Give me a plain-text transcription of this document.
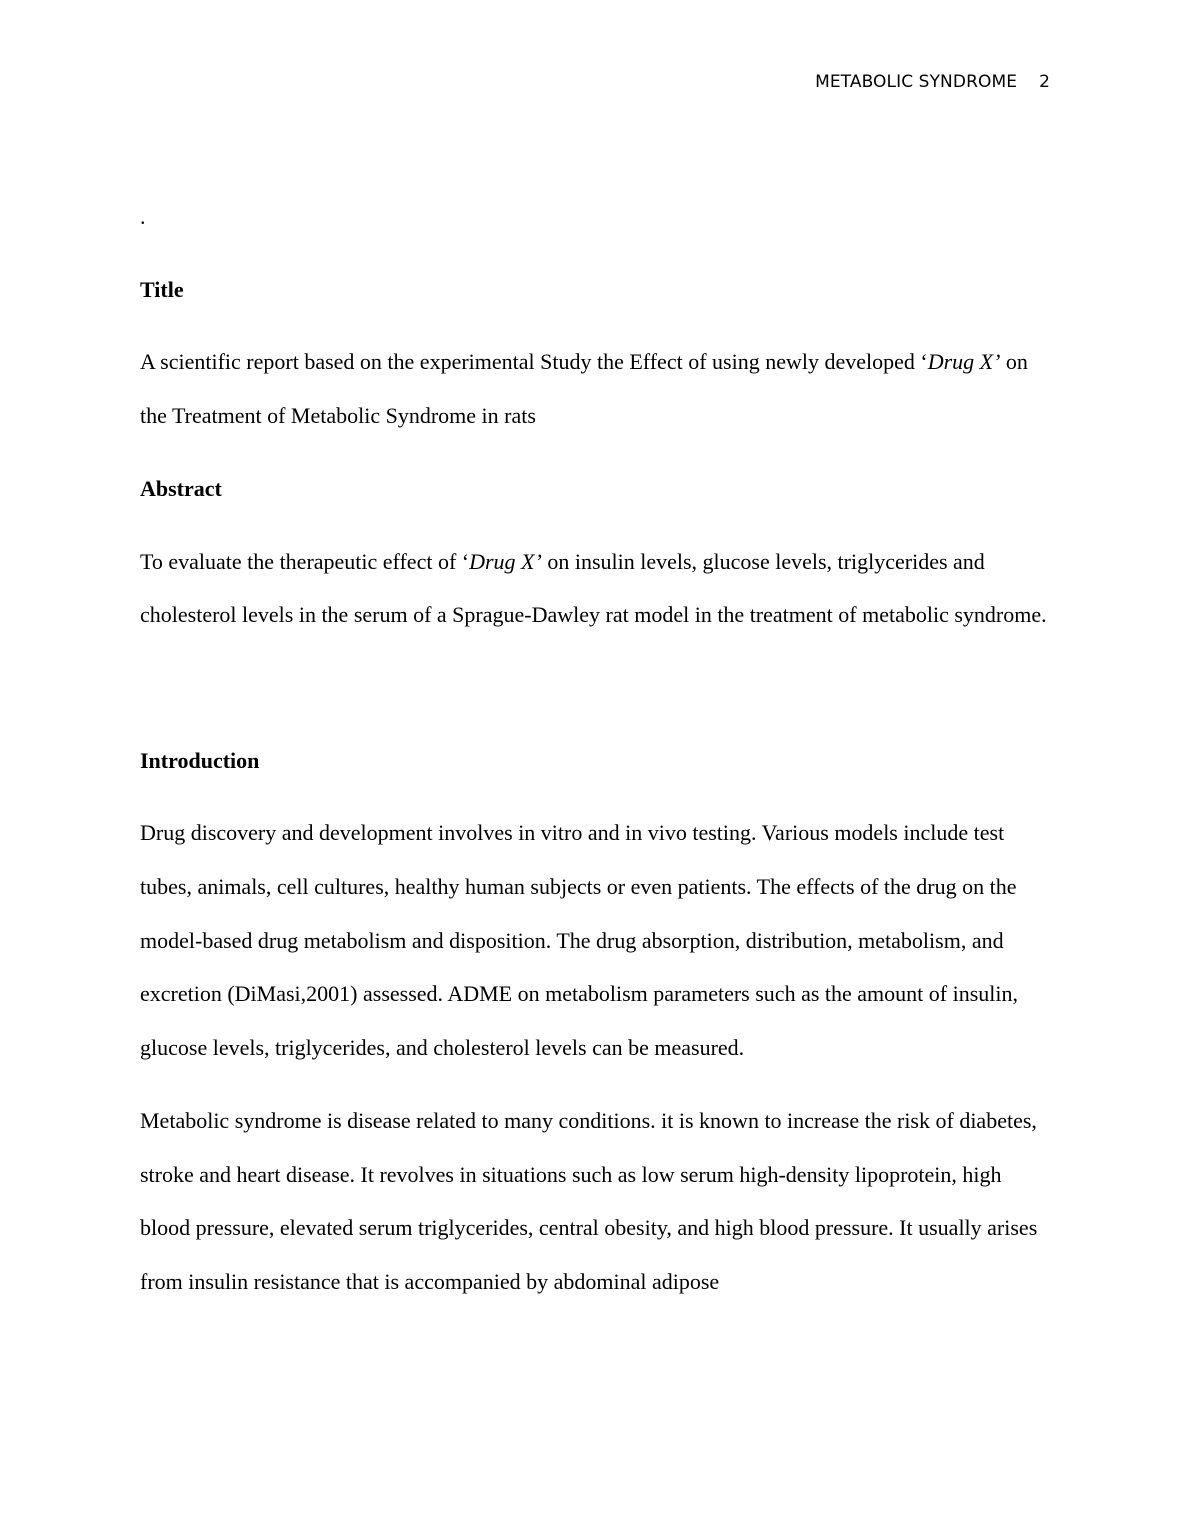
METABOLIC SYNDROME 2
.
Title

A scientific report based on the experimental Study the Effect of using newly developed ‘Drug X’ on the Treatment of Metabolic Syndrome in rats

Abstract

To evaluate the therapeutic effect of ‘Drug X’ on insulin levels, glucose levels, triglycerides and cholesterol levels in the serum of a Sprague-Dawley rat model in the treatment of metabolic syndrome.

Introduction

Drug discovery and development involves in vitro and in vivo testing. Various models include test tubes, animals, cell cultures, healthy human subjects or even patients. The effects of the drug on the model-based drug metabolism and disposition. The drug absorption, distribution, metabolism, and excretion (DiMasi,2001) assessed. ADME on metabolism parameters such as the amount of insulin, glucose levels, triglycerides, and cholesterol levels can be measured.

Metabolic syndrome is disease related to many conditions. it is known to increase the risk of diabetes, stroke and heart disease. It revolves in situations such as low serum high-density lipoprotein, high blood pressure, elevated serum triglycerides, central obesity, and high blood pressure. It usually arises from insulin resistance that is accompanied by abdominal adipose
